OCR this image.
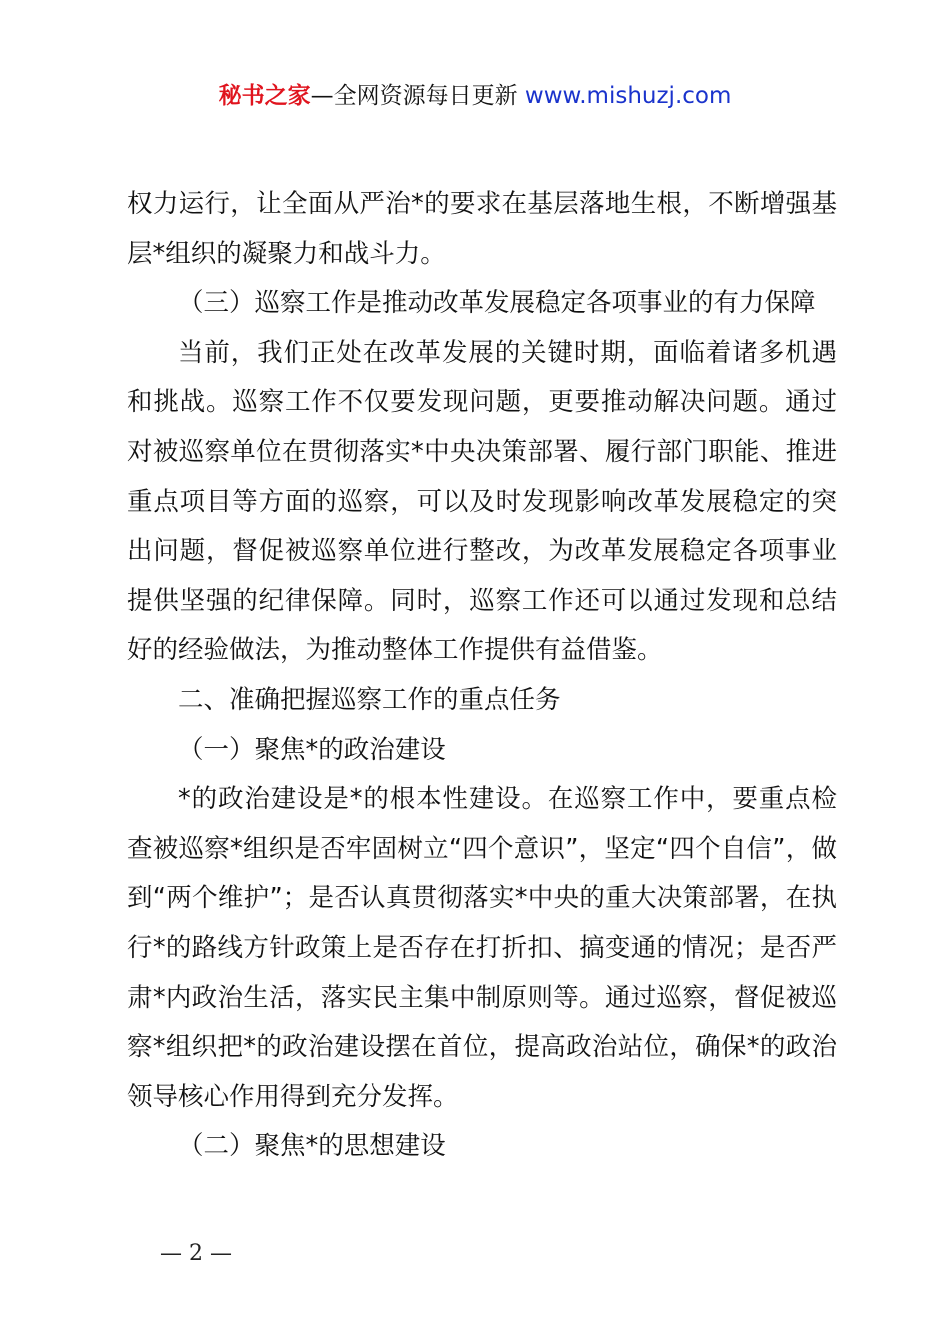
秘书之家—全网资源每日更新 www.mishuzj.com

权力运行，让全面从严治*的要求在基层落地生根，不断增强基层*组织的凝聚力和战斗力。

（三）巡察工作是推动改革发展稳定各项事业的有力保障

当前，我们正处在改革发展的关键时期，面临着诸多机遇和挑战。巡察工作不仅要发现问题，更要推动解决问题。通过对被巡察单位在贯彻落实*中央决策部署、履行部门职能、推进重点项目等方面的巡察，可以及时发现影响改革发展稳定的突出问题，督促被巡察单位进行整改，为改革发展稳定各项事业提供坚强的纪律保障。同时，巡察工作还可以通过发现和总结好的经验做法，为推动整体工作提供有益借鉴。

二、准确把握巡察工作的重点任务

（一）聚焦*的政治建设

*的政治建设是*的根本性建设。在巡察工作中，要重点检查被巡察*组织是否牢固树立“四个意识”，坚定“四个自信”，做到“两个维护”；是否认真贯彻落实*中央的重大决策部署，在执行*的路线方针政策上是否存在打折扣、搞变通的情况；是否严肃*内政治生活，落实民主集中制原则等。通过巡察，督促被巡察*组织把*的政治建设摆在首位，提高政治站位，确保*的政治领导核心作用得到充分发挥。

（二）聚焦*的思想建设

— 2 —
